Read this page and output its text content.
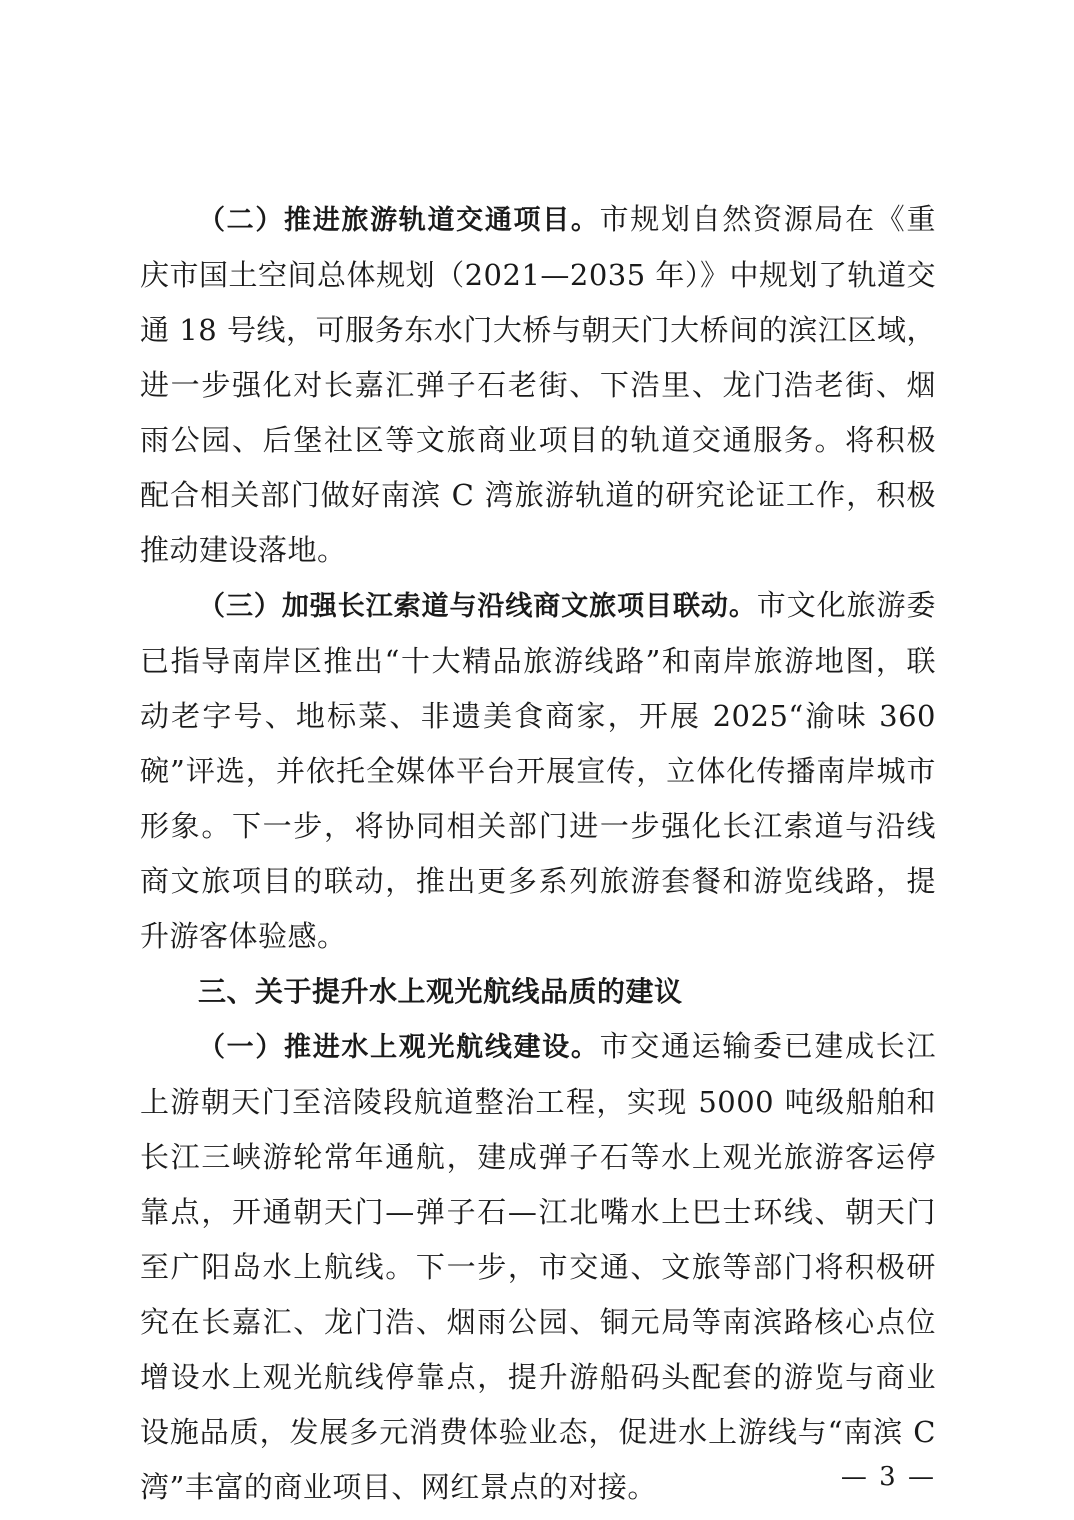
（二）推进旅游轨道交通项目。市规划自然资源局在《重庆市国土空间总体规划（2021—2035 年）》中规划了轨道交通 18 号线，可服务东水门大桥与朝天门大桥间的滨江区域，进一步强化对长嘉汇弹子石老街、下浩里、龙门浩老街、烟雨公园、后堡社区等文旅商业项目的轨道交通服务。将积极配合相关部门做好南滨 C 湾旅游轨道的研究论证工作，积极推动建设落地。

（三）加强长江索道与沿线商文旅项目联动。市文化旅游委已指导南岸区推出“十大精品旅游线路”和南岸旅游地图，联动老字号、地标菜、非遗美食商家，开展 2025“渝味 360 碗”评选，并依托全媒体平台开展宣传，立体化传播南岸城市形象。下一步，将协同相关部门进一步强化长江索道与沿线商文旅项目的联动，推出更多系列旅游套餐和游览线路，提升游客体验感。

三、关于提升水上观光航线品质的建议

（一）推进水上观光航线建设。市交通运输委已建成长江上游朝天门至涪陵段航道整治工程，实现 5000 吨级船舶和长江三峡游轮常年通航，建成弹子石等水上观光旅游客运停靠点，开通朝天门—弹子石—江北嘴水上巴士环线、朝天门至广阳岛水上航线。下一步，市交通、文旅等部门将积极研究在长嘉汇、龙门浩、烟雨公园、铜元局等南滨路核心点位增设水上观光航线停靠点，提升游船码头配套的游览与商业设施品质，发展多元消费体验业态，促进水上游线与“南滨 C 湾”丰富的商业项目、网红景点的对接。	— 3 —
